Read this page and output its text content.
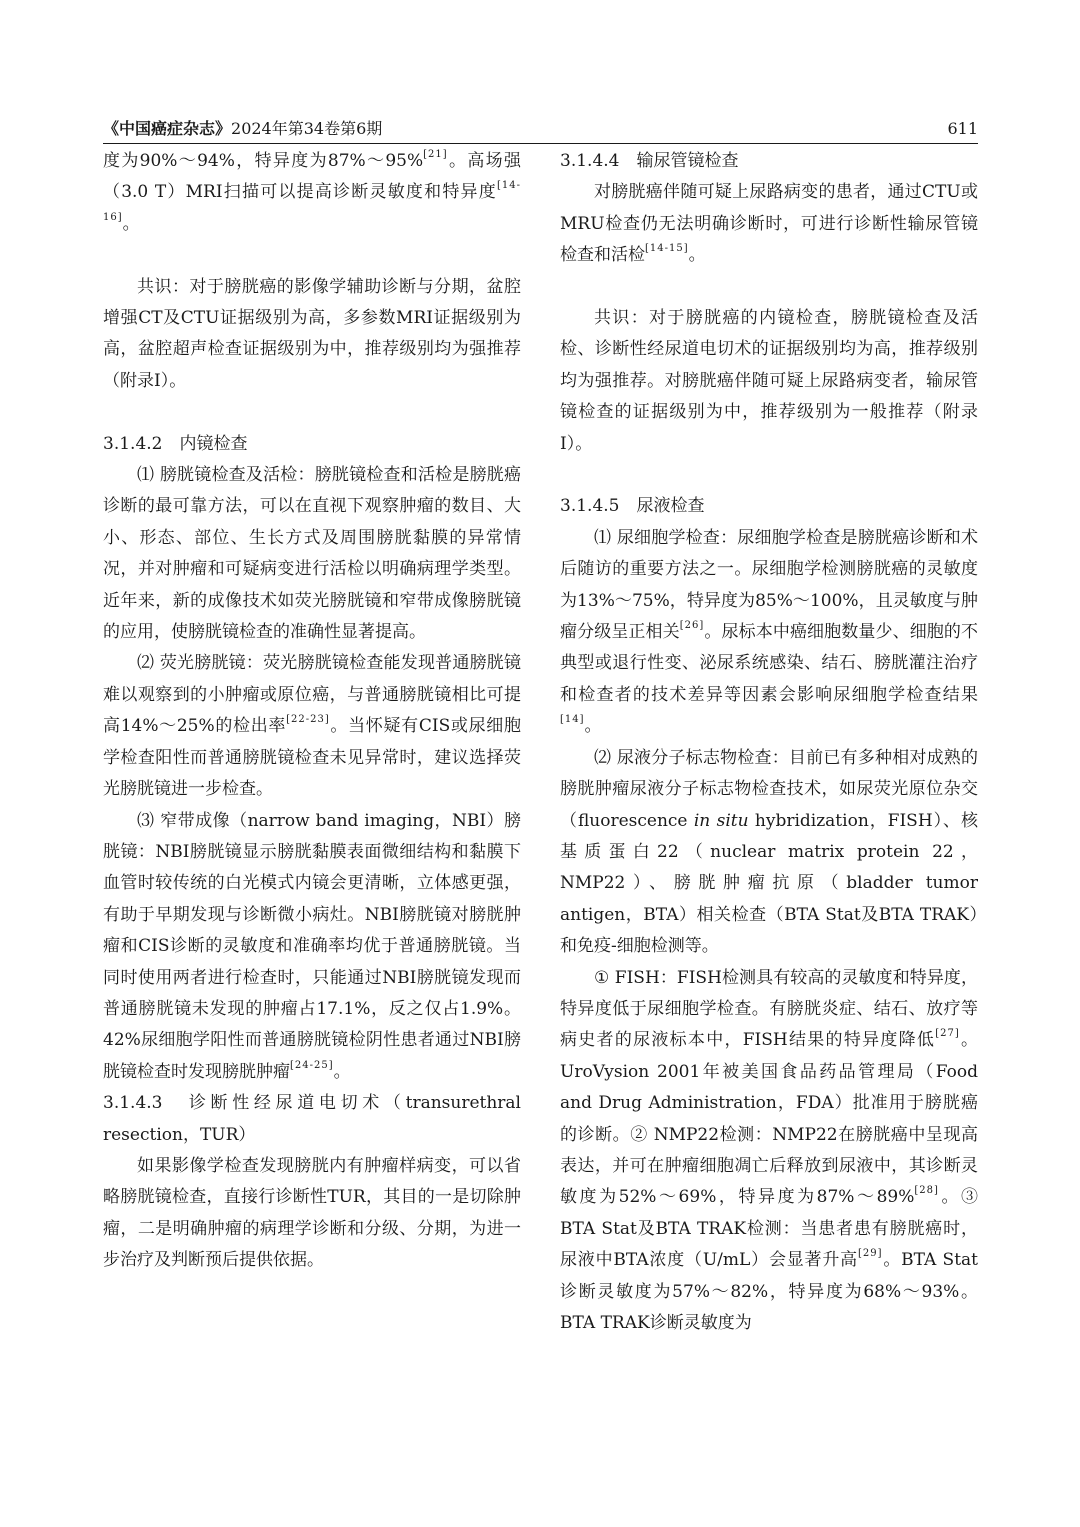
《中国癌症杂志》2024年第34卷第6期	611

度为90%～94%，特异度为87%～95%[21]。高场强（3.0 T）MRI扫描可以提高诊断灵敏度和特异度[14-16]。

共识：对于膀胱癌的影像学辅助诊断与分期，盆腔增强CT及CTU证据级别为高，多参数MRI证据级别为高，盆腔超声检查证据级别为中，推荐级别均为强推荐（附录Ⅰ）。

3.1.4.2　内镜检查

⑴ 膀胱镜检查及活检：膀胱镜检查和活检是膀胱癌诊断的最可靠方法，可以在直视下观察肿瘤的数目、大小、形态、部位、生长方式及周围膀胱黏膜的异常情况，并对肿瘤和可疑病变进行活检以明确病理学类型。近年来，新的成像技术如荧光膀胱镜和窄带成像膀胱镜的应用，使膀胱镜检查的准确性显著提高。

⑵ 荧光膀胱镜：荧光膀胱镜检查能发现普通膀胱镜难以观察到的小肿瘤或原位癌，与普通膀胱镜相比可提高14%～25%的检出率[22-23]。当怀疑有CIS或尿细胞学检查阳性而普通膀胱镜检查未见异常时，建议选择荧光膀胱镜进一步检查。

⑶ 窄带成像（narrow band imaging，NBI）膀胱镜：NBI膀胱镜显示膀胱黏膜表面微细结构和黏膜下血管时较传统的白光模式内镜会更清晰，立体感更强，有助于早期发现与诊断微小病灶。NBI膀胱镜对膀胱肿瘤和CIS诊断的灵敏度和准确率均优于普通膀胱镜。当同时使用两者进行检查时，只能通过NBI膀胱镜发现而普通膀胱镜未发现的肿瘤占17.1%，反之仅占1.9%。42%尿细胞学阳性而普通膀胱镜检阴性患者通过NBI膀胱镜检查时发现膀胱肿瘤[24-25]。

3.1.4.3　诊断性经尿道电切术（transurethral resection，TUR）

如果影像学检查发现膀胱内有肿瘤样病变，可以省略膀胱镜检查，直接行诊断性TUR，其目的一是切除肿瘤，二是明确肿瘤的病理学诊断和分级、分期，为进一步治疗及判断预后提供依据。

3.1.4.4　输尿管镜检查

对膀胱癌伴随可疑上尿路病变的患者，通过CTU或MRU检查仍无法明确诊断时，可进行诊断性输尿管镜检查和活检[14-15]。

共识：对于膀胱癌的内镜检查，膀胱镜检查及活检、诊断性经尿道电切术的证据级别均为高，推荐级别均为强推荐。对膀胱癌伴随可疑上尿路病变者，输尿管镜检查的证据级别为中，推荐级别为一般推荐（附录Ⅰ）。

3.1.4.5　尿液检查

⑴ 尿细胞学检查：尿细胞学检查是膀胱癌诊断和术后随访的重要方法之一。尿细胞学检测膀胱癌的灵敏度为13%～75%，特异度为85%～100%，且灵敏度与肿瘤分级呈正相关[26]。尿标本中癌细胞数量少、细胞的不典型或退行性变、泌尿系统感染、结石、膀胱灌注治疗和检查者的技术差异等因素会影响尿细胞学检查结果[14]。

⑵ 尿液分子标志物检查：目前已有多种相对成熟的膀胱肿瘤尿液分子标志物检查技术，如尿荧光原位杂交（fluorescence in situ hybridization，FISH）、核基质蛋白22（nuclear matrix protein 22，NMP22）、膀胱肿瘤抗原（bladder tumor antigen，BTA）相关检查（BTA Stat及BTA TRAK）和免疫-细胞检测等。

① FISH：FISH检测具有较高的灵敏度和特异度，特异度低于尿细胞学检查。有膀胱炎症、结石、放疗等病史者的尿液标本中，FISH结果的特异度降低[27]。UroVysion 2001年被美国食品药品管理局（Food and Drug Administration，FDA）批准用于膀胱癌的诊断。② NMP22检测：NMP22在膀胱癌中呈现高表达，并可在肿瘤细胞凋亡后释放到尿液中，其诊断灵敏度为52%～69%，特异度为87%～89%[28]。③ BTA Stat及BTA TRAK检测：当患者患有膀胱癌时，尿液中BTA浓度（U/mL）会显著升高[29]。BTA Stat诊断灵敏度为57%～82%，特异度为68%～93%。BTA TRAK诊断灵敏度为
